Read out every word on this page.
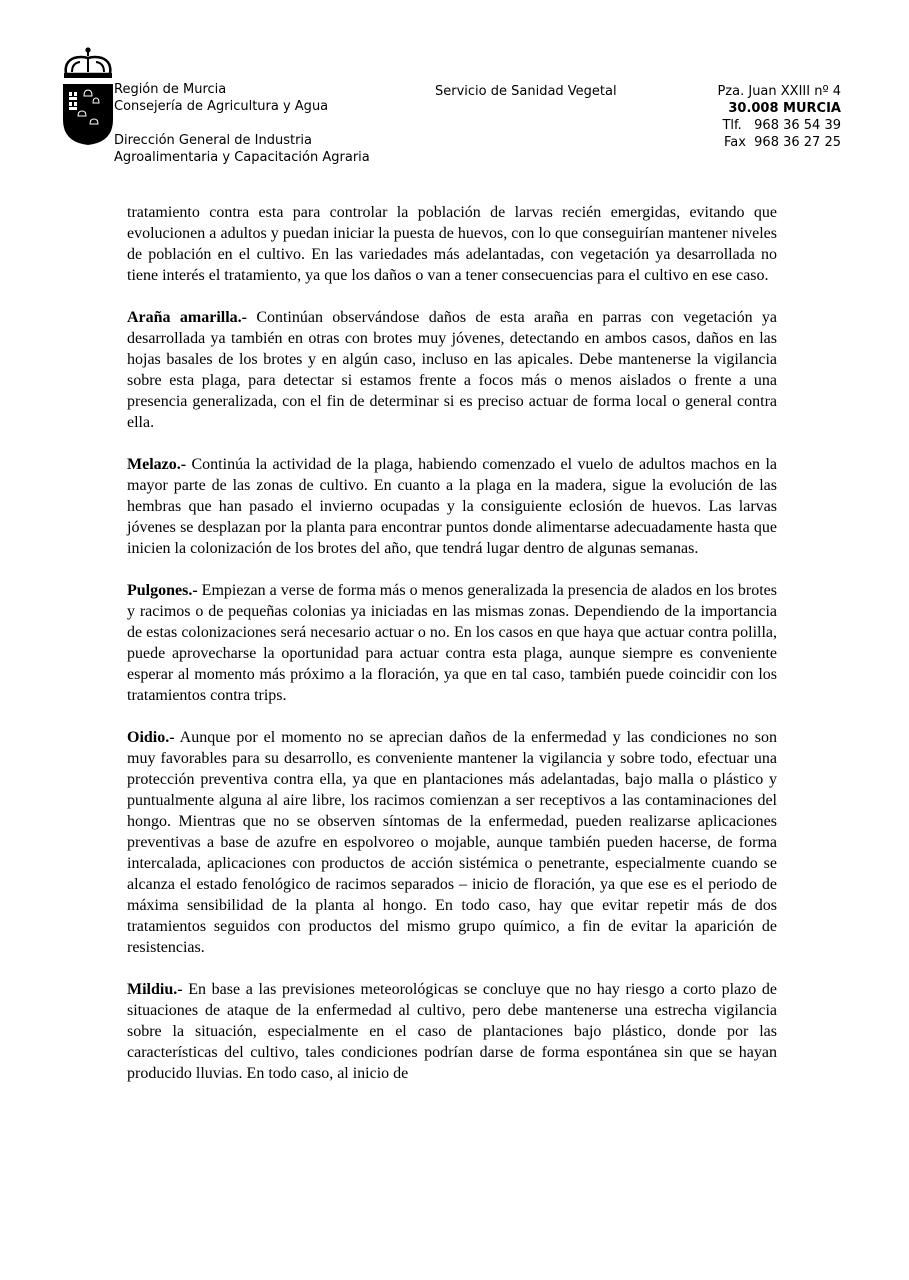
Región de Murcia
Consejería de Agricultura y Agua
Dirección General de Industria
Agroalimentaria y Capacitación Agraria
Servicio de Sanidad Vegetal	Pza. Juan XXIII nº 4
30.008 MURCIA
Tlf.   968 36 54 39
Fax  968 36 27 25

tratamiento contra esta para controlar la población de larvas recién emergidas, evitando que evolucionen a adultos y puedan iniciar la puesta de huevos, con lo que conseguirían mantener niveles de población en el cultivo. En las variedades más adelantadas, con vegetación ya desarrollada no tiene interés el tratamiento, ya que los daños o van a tener consecuencias para el cultivo en ese caso.

Araña amarilla.- Continúan observándose daños de esta araña en parras con vegetación ya desarrollada ya también en otras con brotes muy jóvenes, detectando en ambos casos, daños en las hojas basales de los brotes y en algún caso, incluso en las apicales. Debe mantenerse la vigilancia sobre esta plaga, para detectar si estamos frente a focos más o menos aislados o frente a una presencia generalizada, con el fin de determinar si es preciso actuar de forma local o general contra ella.

Melazo.- Continúa la actividad de la plaga, habiendo comenzado el vuelo de adultos machos en la mayor parte de las zonas de cultivo. En cuanto a la plaga en la madera, sigue la evolución de las hembras que han pasado el invierno ocupadas y la consiguiente eclosión de huevos. Las larvas jóvenes se desplazan por la planta para encontrar puntos donde alimentarse adecuadamente hasta que inicien la colonización de los brotes del año, que tendrá lugar dentro de algunas semanas.

Pulgones.- Empiezan a verse de forma más o menos generalizada la presencia de alados en los brotes y racimos o de pequeñas colonias ya iniciadas en las mismas zonas. Dependiendo de la importancia de estas colonizaciones será necesario actuar o no. En los casos en que haya que actuar contra polilla, puede aprovecharse la oportunidad para actuar contra esta plaga, aunque siempre es conveniente esperar al momento más próximo a la floración, ya que en tal caso, también puede coincidir con los tratamientos contra trips.

Oidio.- Aunque por el momento no se aprecian daños de la enfermedad y las condiciones no son muy favorables para su desarrollo, es conveniente mantener la vigilancia y sobre todo, efectuar una protección preventiva contra ella, ya que en plantaciones más adelantadas, bajo malla o plástico y puntualmente alguna al aire libre, los racimos comienzan a ser receptivos a las contaminaciones del hongo. Mientras que no se observen síntomas de la enfermedad, pueden realizarse aplicaciones preventivas a base de azufre en espolvoreo o mojable, aunque también pueden hacerse, de forma intercalada, aplicaciones con productos de acción sistémica o penetrante, especialmente cuando se alcanza el estado fenológico de racimos separados – inicio de floración, ya que ese es el periodo de máxima sensibilidad de la planta al hongo. En todo caso, hay que evitar repetir más de dos tratamientos seguidos con productos del mismo grupo químico, a fin de evitar la aparición de resistencias.

Mildiu.- En base a las previsiones meteorológicas se concluye que no hay riesgo a corto plazo de situaciones de ataque de la enfermedad al cultivo, pero debe mantenerse una estrecha vigilancia sobre la situación, especialmente en el caso de plantaciones bajo plástico, donde por las características del cultivo, tales condiciones podrían darse de forma espontánea sin que se hayan producido lluvias. En todo caso, al inicio de
